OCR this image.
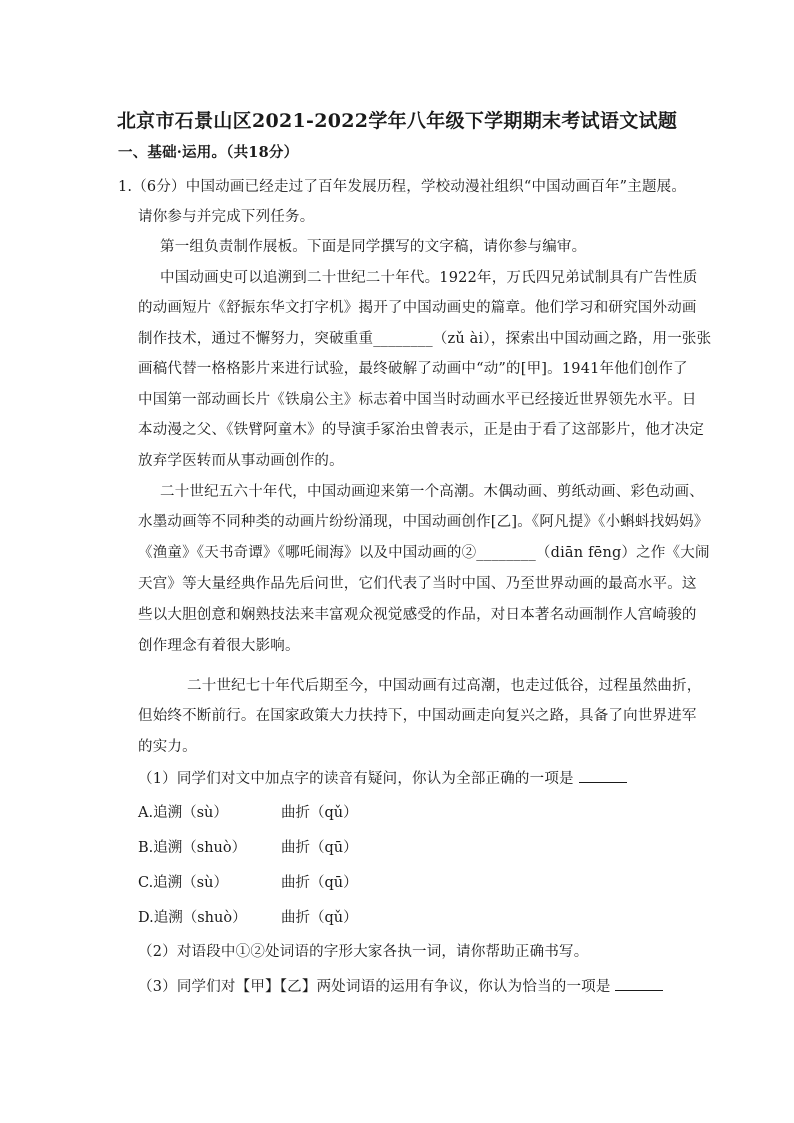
北京市石景山区2021-2022学年八年级下学期期末考试语文试题
一、基础·运用。（共18分）
1.（6分）中国动画已经走过了百年发展历程，学校动漫社组织“中国动画百年”主题展。
请你参与并完成下列任务。
第一组负责制作展板。下面是同学撰写的文字稿，请你参与编审。
中国动画史可以追溯到二十世纪二十年代。1922年，万氏四兄弟试制具有广告性质
的动画短片《舒振东华文打字机》揭开了中国动画史的篇章。他们学习和研究国外动画
制作技术，通过不懈努力，突破重重________（zǔ ài），探索出中国动画之路，用一张张
画稿代替一格格影片来进行试验，最终破解了动画中“动”的[甲]。1941年他们创作了
中国第一部动画长片《铁扇公主》标志着中国当时动画水平已经接近世界领先水平。日
本动漫之父、《铁臂阿童木》的导演手冢治虫曾表示，正是由于看了这部影片，他才决定
放弃学医转而从事动画创作的。
二十世纪五六十年代，中国动画迎来第一个高潮。木偶动画、剪纸动画、彩色动画、
水墨动画等不同种类的动画片纷纷涌现，中国动画创作[乙]。《阿凡提》《小蝌蚪找妈妈》
《渔童》《天书奇谭》《哪吒闹海》以及中国动画的②________（diān fēng）之作《大闹
天宫》等大量经典作品先后问世，它们代表了当时中国、乃至世界动画的最高水平。这
些以大胆创意和娴熟技法来丰富观众视觉感受的作品，对日本著名动画制作人宫崎骏的
创作理念有着很大影响。
二十世纪七十年代后期至今，中国动画有过高潮，也走过低谷，过程虽然曲折，
但始终不断前行。在国家政策大力扶持下，中国动画走向复兴之路，具备了向世界进军
的实力。
（1）同学们对文中加点字的读音有疑问，你认为全部正确的一项是
A.追溯（sù）	曲折（qǔ）
B.追溯（shuò） 曲折（qū）
C.追溯（sù）	曲折（qū）
D.追溯（shuò） 曲折（qǔ）
（2）对语段中①②处词语的字形大家各执一词，请你帮助正确书写。
（3）同学们对【甲】【乙】两处词语的运用有争议，你认为恰当的一项是
